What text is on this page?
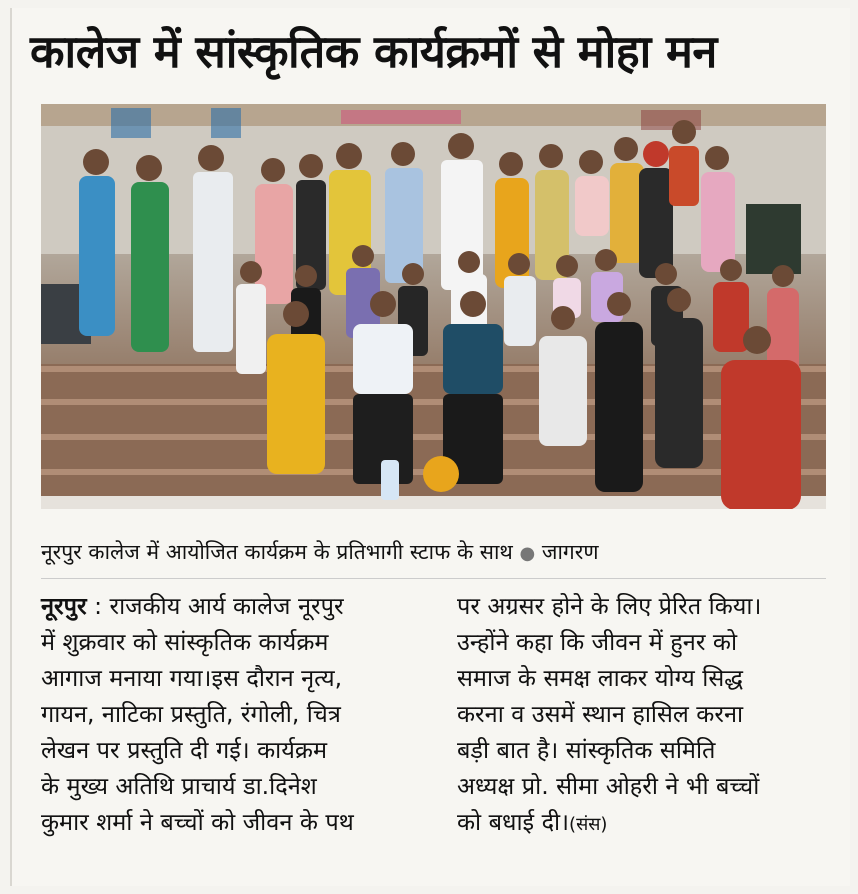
कालेज में सांस्कृतिक कार्यक्रमों से मोहा मन
नूरपुर कालेज में आयोजित कार्यक्रम के प्रतिभागी स्टाफ के साथ ● जागरण

नूरपुर : राजकीय आर्य कालेज नूरपुर

में शुक्रवार को सांस्कृतिक कार्यक्रम

आगाज मनाया गया।इस दौरान नृत्य,

गायन, नाटिका प्रस्तुति, रंगोली, चित्र

लेखन पर प्रस्तुति दी गई। कार्यक्रम

के मुख्य अतिथि प्राचार्य डा.दिनेश

कुमार शर्मा ने बच्चों को जीवन के पथ

पर अग्रसर होने के लिए प्रेरित किया।

उन्होंने कहा कि जीवन में हुनर को

समाज के समक्ष लाकर योग्य सिद्ध

करना व उसमें स्थान हासिल करना

बड़ी बात है। सांस्कृतिक समिति

अध्यक्ष प्रो. सीमा ओहरी ने भी बच्चों

को बधाई दी।(संस)
